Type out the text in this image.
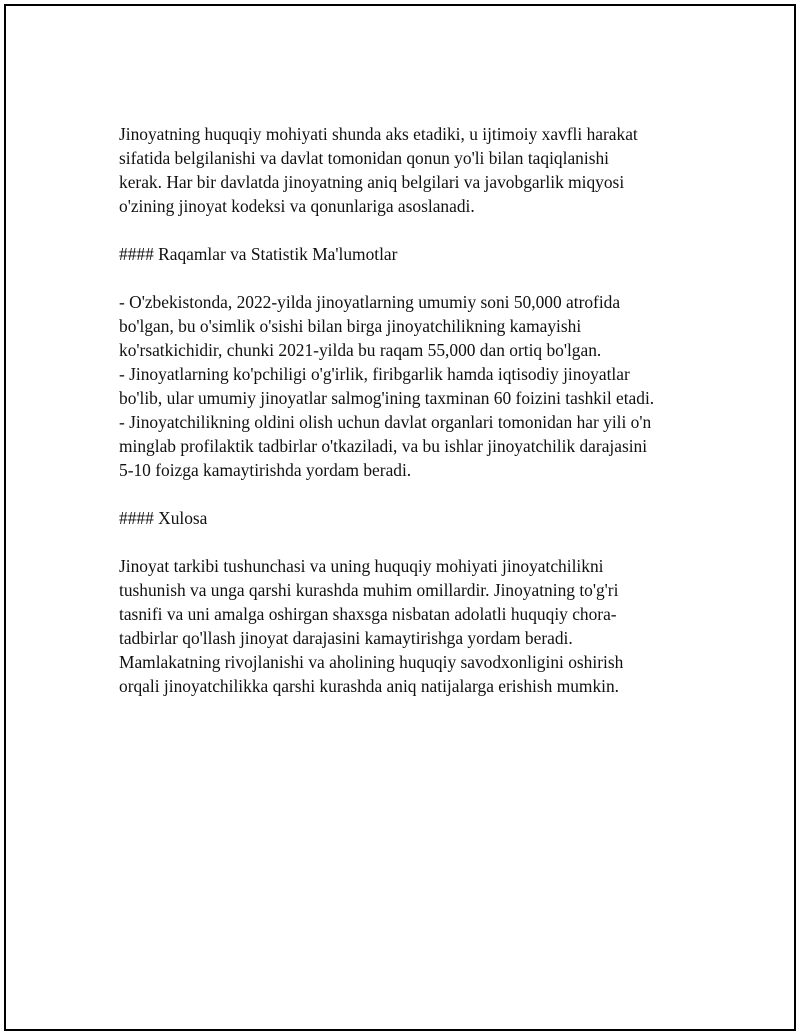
Jinoyatning huquqiy mohiyati shunda aks etadiki, u ijtimoiy xavfli harakat
sifatida belgilanishi va davlat tomonidan qonun yo'li bilan taqiqlanishi
kerak. Har bir davlatda jinoyatning aniq belgilari va javobgarlik miqyosi
o'zining jinoyat kodeksi va qonunlariga asoslanadi.

#### Raqamlar va Statistik Ma'lumotlar

- O'zbekistonda, 2022-yilda jinoyatlarning umumiy soni 50,000 atrofida
bo'lgan, bu o'simlik o'sishi bilan birga jinoyatchilikning kamayishi
ko'rsatkichidir, chunki 2021-yilda bu raqam 55,000 dan ortiq bo'lgan.
- Jinoyatlarning ko'pchiligi o'g'irlik, firibgarlik hamda iqtisodiy jinoyatlar
bo'lib, ular umumiy jinoyatlar salmog'ining taxminan 60 foizini tashkil etadi.
- Jinoyatchilikning oldini olish uchun davlat organlari tomonidan har yili o'n
minglab profilaktik tadbirlar o'tkaziladi, va bu ishlar jinoyatchilik darajasini
5-10 foizga kamaytirishda yordam beradi.

#### Xulosa

Jinoyat tarkibi tushunchasi va uning huquqiy mohiyati jinoyatchilikni
tushunish va unga qarshi kurashda muhim omillardir. Jinoyatning to'g'ri
tasnifi va uni amalga oshirgan shaxsga nisbatan adolatli huquqiy chora-
tadbirlar qo'llash jinoyat darajasini kamaytirishga yordam beradi.
Mamlakatning rivojlanishi va aholining huquqiy savodxonligini oshirish
orqali jinoyatchilikka qarshi kurashda aniq natijalarga erishish mumkin.
